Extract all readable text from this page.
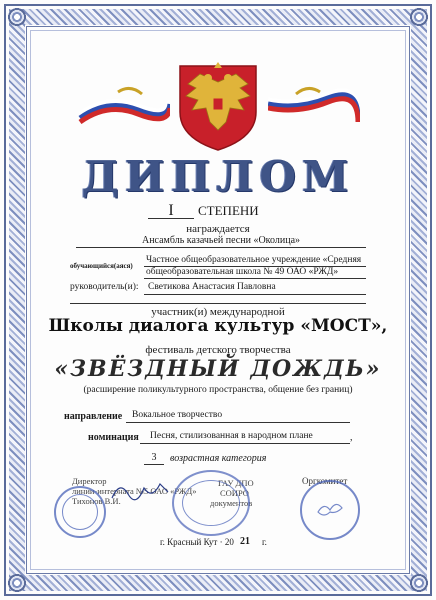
ДИПЛОМ
I	СТЕПЕНИ
награждается
Ансамбль казачьей песни «Околица»
обучающийся(аяся)
Частное общеобразовательное учреждение «Средняя
общеобразовательная школа № 49 ОАО «РЖД»
руководитель(и): Светикова Анастасия Павловна
участник(и) международной
Школы диалога культур «МОСТ»,
фестиваль детского творчества
«ЗВЁЗДНЫЙ ДОЖДЬ»
(расширение поликультурного пространства, общение без границ)
направление Вокальное творчество
номинация Песня, стилизованная в народном плане	,
3	возрастная категория
Директор
линии-интерната №5 ОАО «РЖД»
Тихонов В.И.
ГАУ ДПО
СОИРО
документов
Оргкомитет
г. Красный Кут · 20 21 г.
